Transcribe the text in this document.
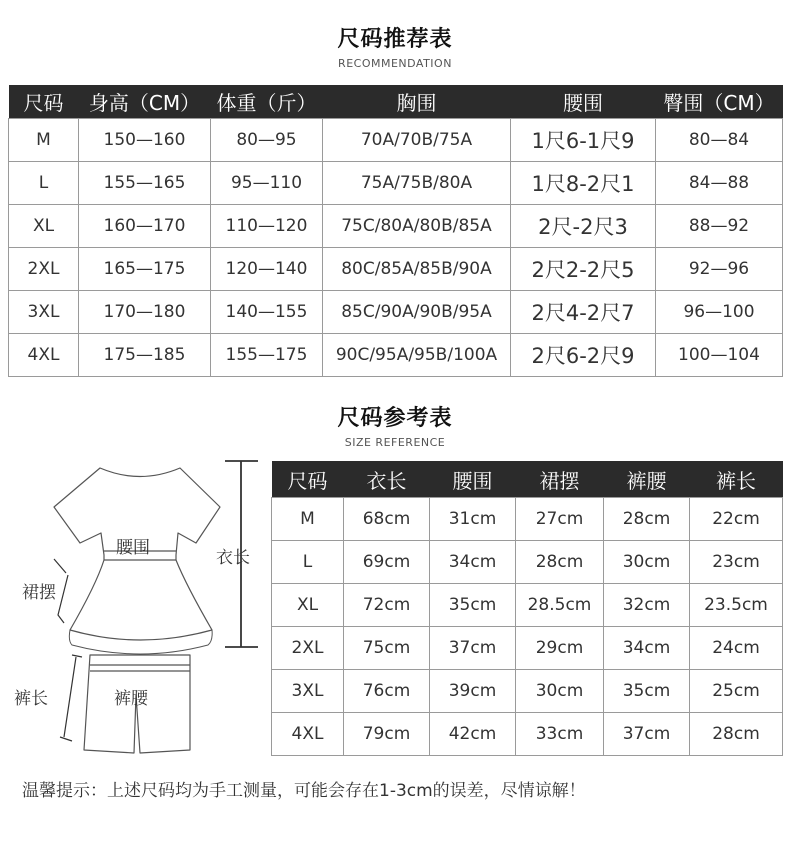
尺码推荐表
RECOMMENDATION
尺码	身高（CM）	体重（斤）	胸围	腰围	臀围（CM）
M	150—160	80—95	70A/70B/75A	1尺6-1尺9	80—84
L	155—165	95—110	75A/75B/80A	1尺8-2尺1	84—88
XL	160—170	110—120	75C/80A/80B/85A	2尺-2尺3	88—92
2XL	165—175	120—140	80C/85A/85B/90A	2尺2-2尺5	92—96
3XL	170—180	140—155	85C/90A/90B/95A	2尺4-2尺7	96—100
4XL	175—185	155—175	90C/95A/95B/100A	2尺6-2尺9	100—104
尺码参考表
SIZE REFERENCE
腰围	衣长
裙摆
裤长	裤腰
尺码	衣长	腰围	裙摆	裤腰	裤长
M	68cm	31cm	27cm	28cm	22cm
L	69cm	34cm	28cm	30cm	23cm
XL	72cm	35cm	28.5cm	32cm	23.5cm
2XL	75cm	37cm	29cm	34cm	24cm
3XL	76cm	39cm	30cm	35cm	25cm
4XL	79cm	42cm	33cm	37cm	28cm
温馨提示：上述尺码均为手工测量，可能会存在1-3cm的误差，尽情谅解！
